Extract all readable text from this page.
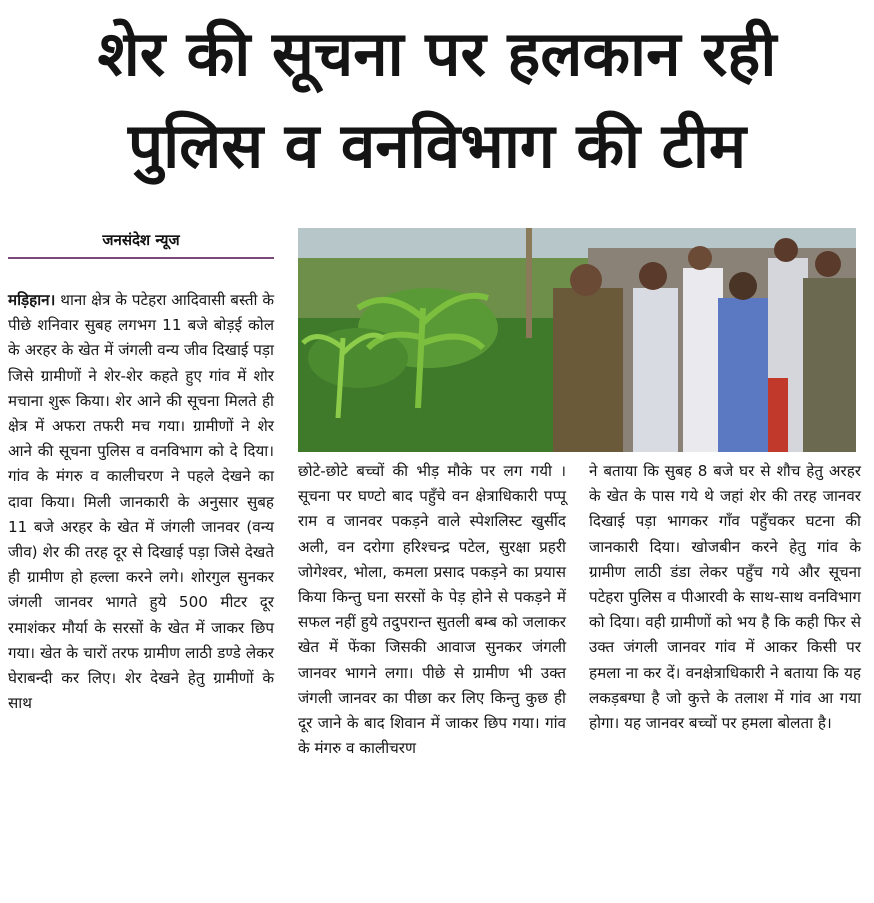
शेर की सूचना पर हलकान रही
पुलिस व वनविभाग की टीम
जनसंदेश न्यूज

मड़िहान। थाना क्षेत्र के पटेहरा आदिवासी बस्ती के पीछे शनिवार सुबह लगभग 11 बजे बोड़ई कोल के अरहर के खेत में जंगली वन्य जीव दिखाई पड़ा जिसे ग्रामीणों ने शेर-शेर कहते हुए गांव में शोर मचाना शुरू किया। शेर आने की सूचना मिलते ही क्षेत्र में अफरा तफरी मच गया। ग्रामीणों ने शेर आने की सूचना पुलिस व वनविभाग को दे दिया। गांव के मंगरु व कालीचरण ने पहले देखने का दावा किया। मिली जानकारी के अनुसार सुबह 11 बजे अरहर के खेत में जंगली जानवर (वन्य जीव) शेर की तरह दूर से दिखाई पड़ा जिसे देखते ही ग्रामीण हो हल्ला करने लगे। शोरगुल सुनकर जंगली जानवर भागते हुये 500 मीटर दूर रमाशंकर मौर्या के सरसों के खेत में जाकर छिप गया। खेत के चारों तरफ ग्रामीण लाठी डण्डे लेकर घेराबन्दी कर लिए। शेर देखने हेतु ग्रामीणों के साथ

छोटे-छोटे बच्चों की भीड़ मौके पर लग गयी । सूचना पर घण्टो बाद पहुँचे वन क्षेत्राधिकारी पप्पू राम व जानवर पकड़ने वाले स्पेशलिस्ट खुर्सीद अली, वन दरोगा हरिश्चन्द्र पटेल, सुरक्षा प्रहरी जोगेश्वर, भोला, कमला प्रसाद पकड़ने का प्रयास किया किन्तु घना सरसों के पेड़ होने से पकड़ने में सफल नहीं हुये तदुपरान्त सुतली बम्ब को जलाकर खेत में फेंका जिसकी आवाज सुनकर जंगली जानवर भागने लगा। पीछे से ग्रामीण भी उक्त जंगली जानवर का पीछा कर लिए किन्तु कुछ ही दूर जाने के बाद शिवान में जाकर छिप गया। गांव के मंगरु व कालीचरण

ने बताया कि सुबह 8 बजे घर से शौच हेतु अरहर के खेत के पास गये थे जहां शेर की तरह जानवर दिखाई पड़ा भागकर गाँव पहुँचकर घटना की जानकारी दिया। खोजबीन करने हेतु गांव के ग्रामीण लाठी डंडा लेकर पहुँच गये और सूचना पटेहरा पुलिस व पीआरवी के साथ-साथ वनविभाग को दिया। वही ग्रामीणों को भय है कि कही फिर से उक्त जंगली जानवर गांव में आकर किसी पर हमला ना कर दें। वनक्षेत्राधिकारी ने बताया कि यह लकड़बग्घा है जो कुत्ते के तलाश में गांव आ गया होगा। यह जानवर बच्चों पर हमला बोलता है।
